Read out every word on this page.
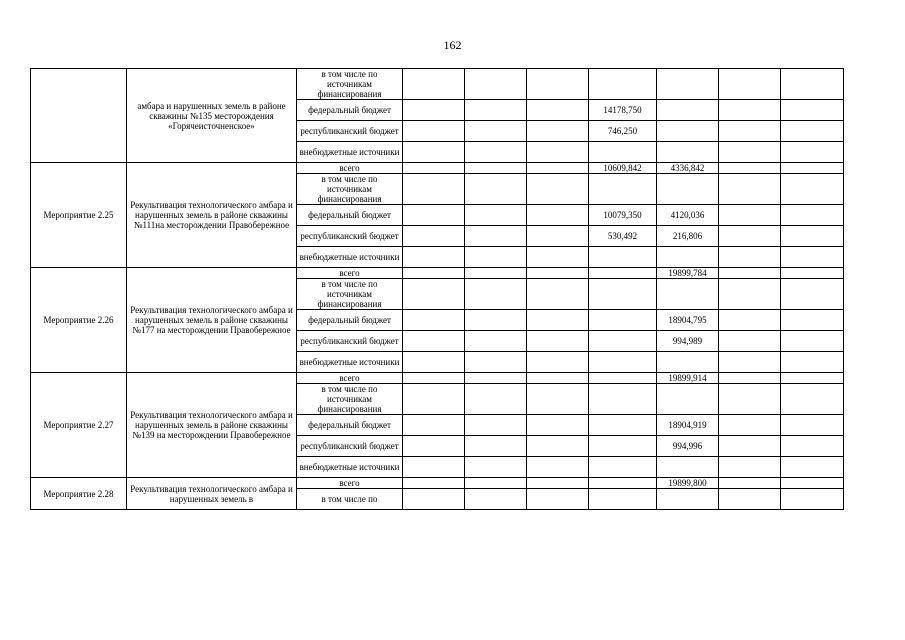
162
	амбара и нарушенных земель в районе скважины №135 месторождения «Горячеисточненское»	в том числе по источникам финансирования							
		федеральный бюджет				14178,750			
		республиканский бюджет				746,250			
		внебюджетные источники							
Мероприятие 2.25	Рекультивация технологического амбара и нарушенных земель в районе скважины №111на месторождении Правобережное	всего				10609,842	4336,842		
		в том числе по источникам финансирования							
		федеральный бюджет				10079,350	4120,036		
		республиканский бюджет				530,492	216,806		
		внебюджетные источники							
Мероприятие 2.26	Рекультивация технологического амбара и нарушенных земель в районе скважины №177 на месторождении Правобережное	всего					19899,784		
		в том числе по источникам финансирования							
		федеральный бюджет					18904,795		
		республиканский бюджет					994,989		
		внебюджетные источники							
Мероприятие 2.27	Рекультивация технологического амбара и нарушенных земель в районе скважины №139 на месторождении Правобережное	всего					19899,914		
		в том числе по источникам финансирования							
		федеральный бюджет					18904,919		
		республиканский бюджет					994,996		
		внебюджетные источники							
Мероприятие 2.28	Рекультивация технологического амбара и нарушенных земель в	всего					19899,800		
		в том числе по							
